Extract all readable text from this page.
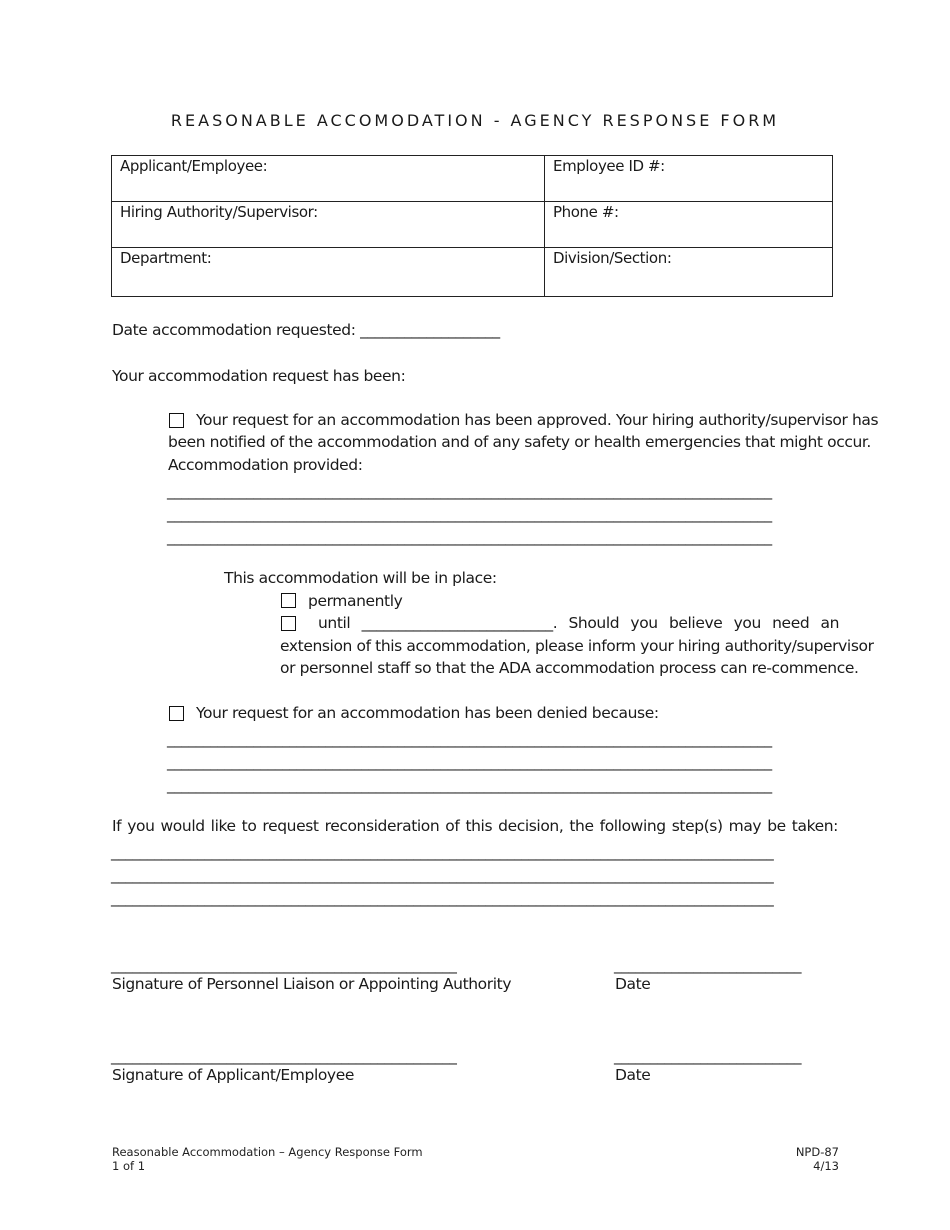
REASONABLE ACCOMODATION - AGENCY RESPONSE FORM
Applicant/Employee:	Employee ID #:
Hiring Authority/Supervisor:	Phone #:
Department:	Division/Section:
Date accommodation requested: ___________________
Your accommodation request has been:
Your request for an accommodation has been approved. Your hiring authority/supervisor has
been notified of the accommodation and of any safety or health emergencies that might occur.
Accommodation provided:
____________________________________________________________________________________
____________________________________________________________________________________
____________________________________________________________________________________
This accommodation will be in place:
permanently
until __________________________. Should you believe you need an
extension of this accommodation, please inform your hiring authority/supervisor
or personnel staff so that the ADA accommodation process can re-commence.
Your request for an accommodation has been denied because:
____________________________________________________________________________________
____________________________________________________________________________________
____________________________________________________________________________________
If you would like to request reconsideration of this decision, the following step(s) may be taken:
____________________________________________________________________________________________
____________________________________________________________________________________________
____________________________________________________________________________________________
________________________________________________
Signature of Personnel Liaison or Appointing Authority
__________________________
Date
________________________________________________
Signature of Applicant/Employee
__________________________
Date
Reasonable Accommodation – Agency Response Form
1 of 1
NPD-87
4/13
